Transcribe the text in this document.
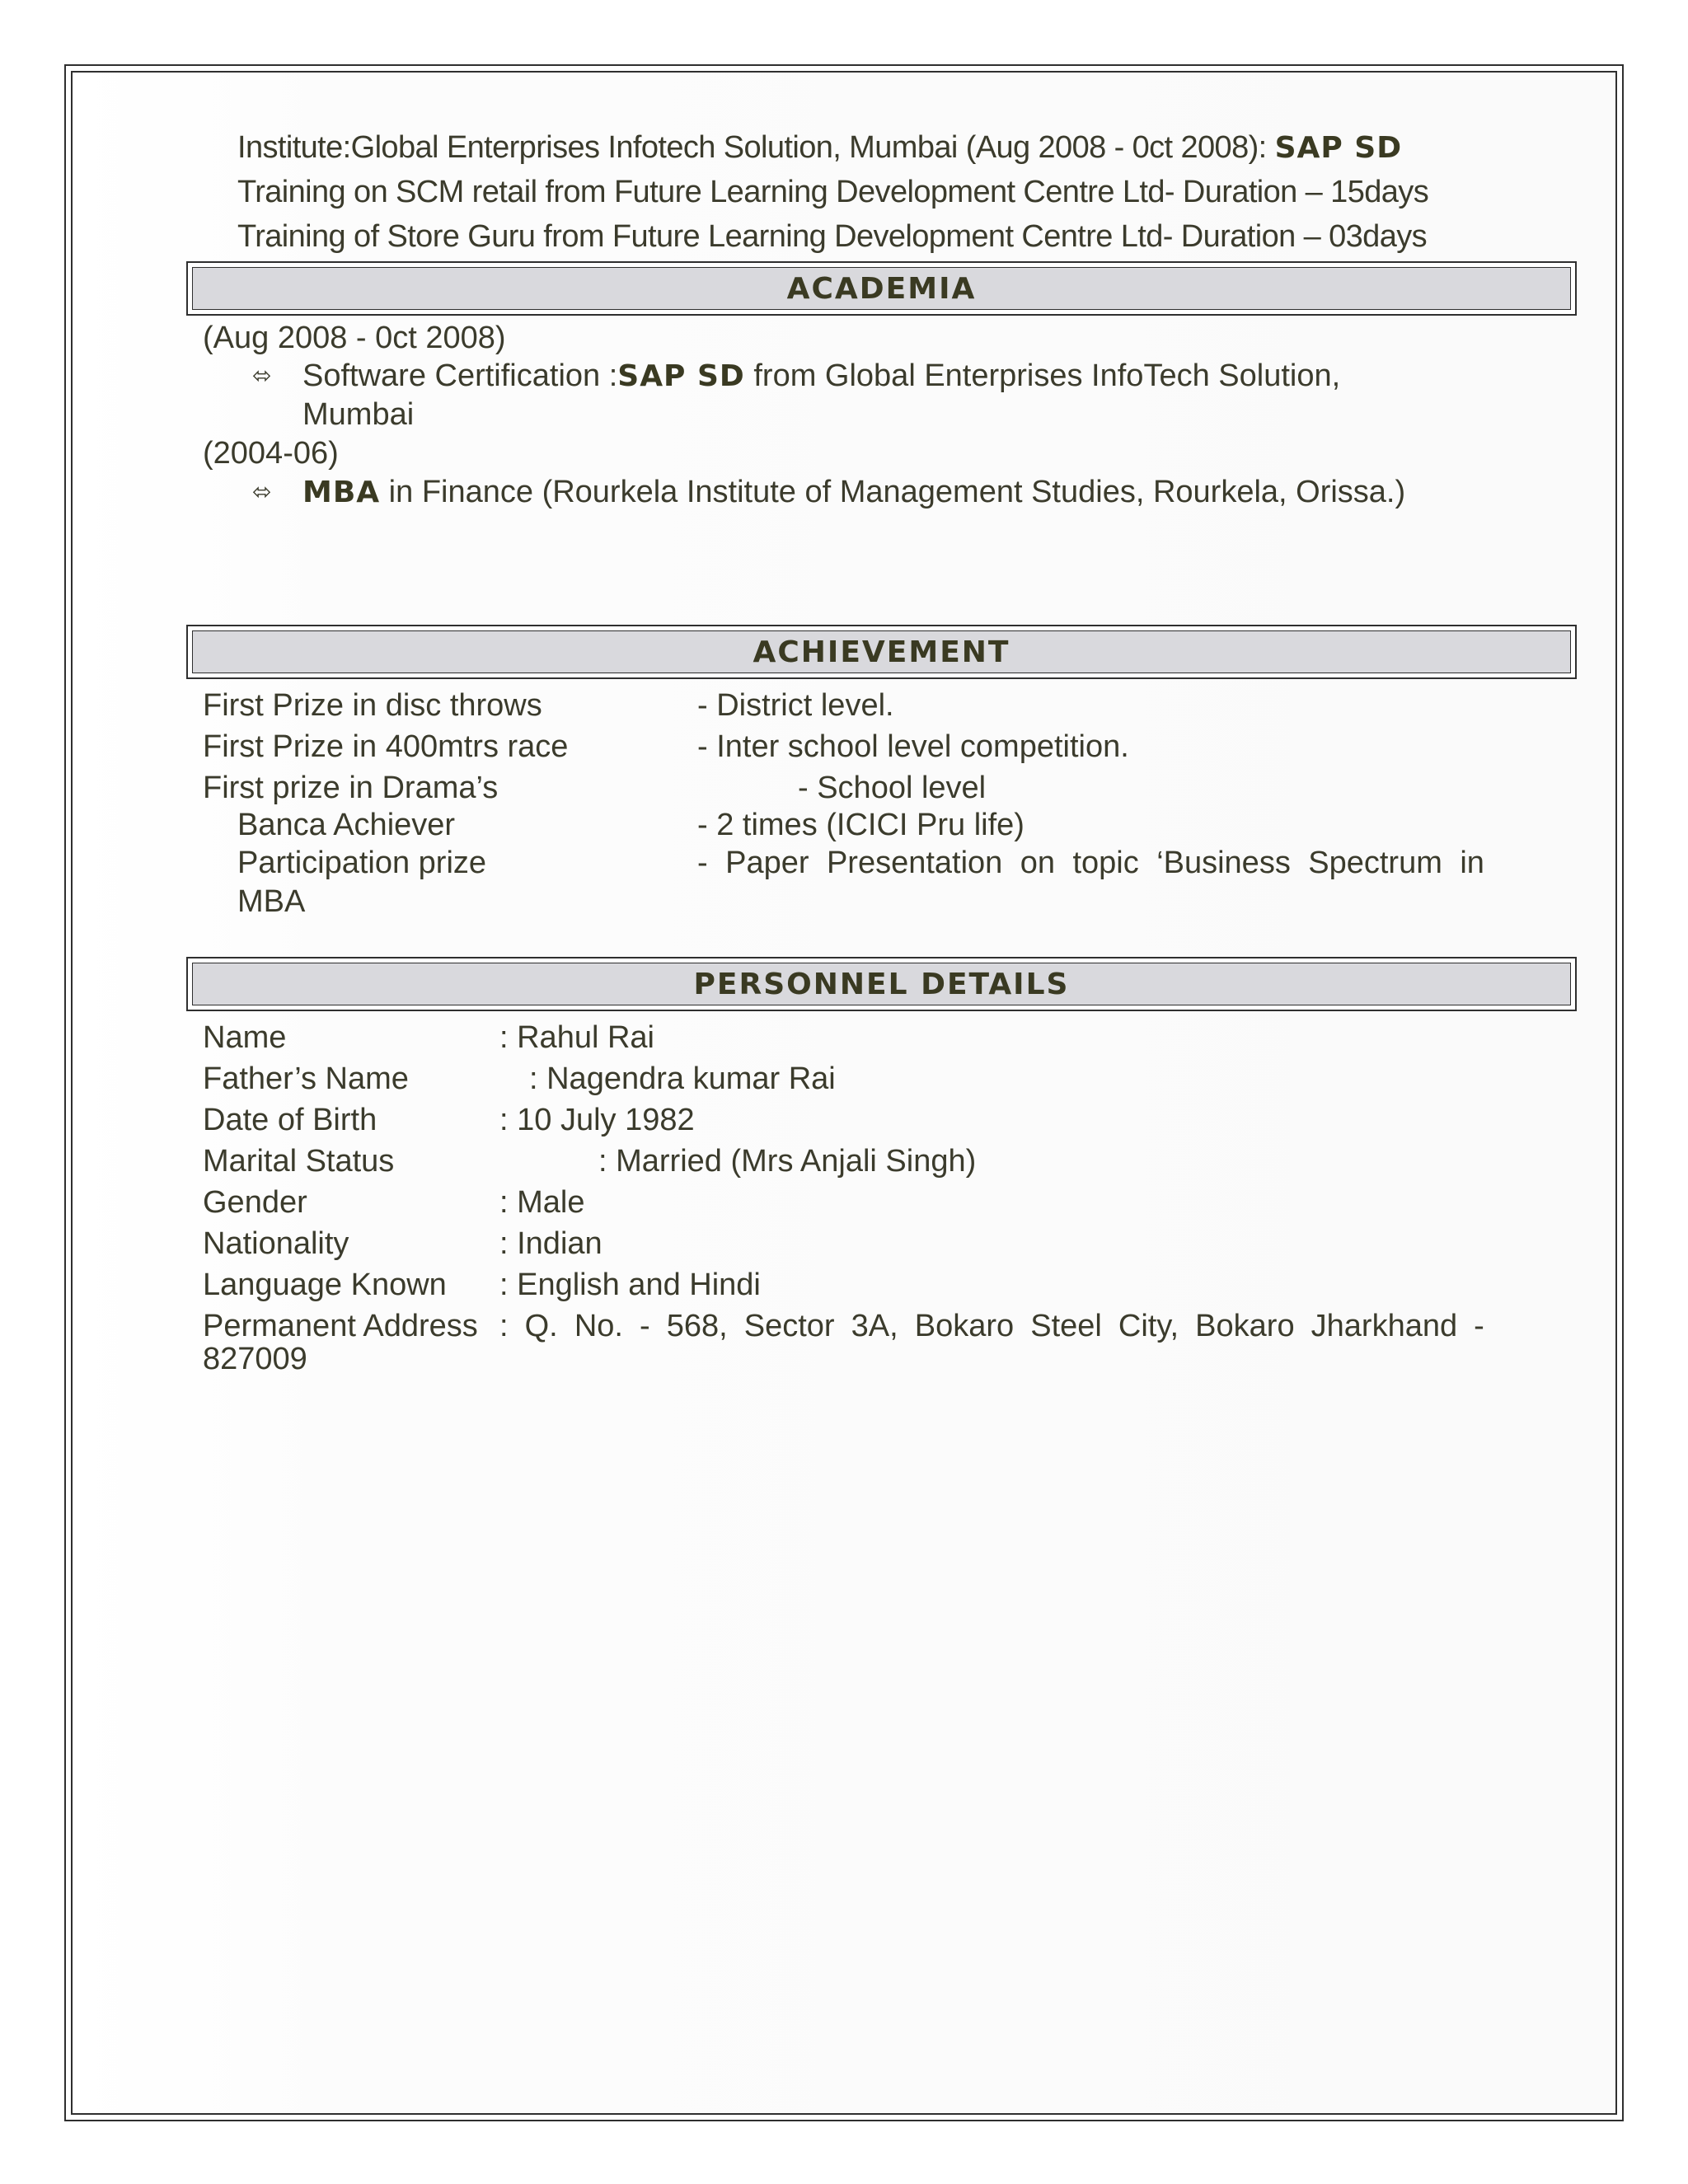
Institute:Global Enterprises Infotech Solution, Mumbai (Aug 2008 - 0ct 2008): SAP SD
Training on SCM retail from Future Learning Development Centre Ltd- Duration – 15days
Training of Store Guru from Future Learning Development Centre Ltd- Duration – 03days
ACADEMIA
(Aug 2008 - 0ct 2008)
⬄ Software Certification :SAP SD from Global Enterprises InfoTech Solution,
Mumbai
(2004-06)
⬄ MBA in Finance (Rourkela Institute of Management Studies, Rourkela, Orissa.)
ACHIEVEMENT
First Prize in disc throws	- District level.
First Prize in 400mtrs race	- Inter school level competition.
First prize in Drama’s	- School level
Banca Achiever	- 2 times (ICICI Pru life)
Participation prize	- Paper Presentation on topic ‘Business Spectrum in
MBA
PERSONNEL DETAILS
Name	: Rahul Rai
Father’s Name	: Nagendra kumar Rai
Date of Birth	: 10 July 1982
Marital Status	: Married (Mrs Anjali Singh)
Gender	: Male
Nationality	: Indian
Language Known : English and Hindi
Permanent Address : Q. No. - 568, Sector 3A, Bokaro Steel City, Bokaro Jharkhand -
827009
